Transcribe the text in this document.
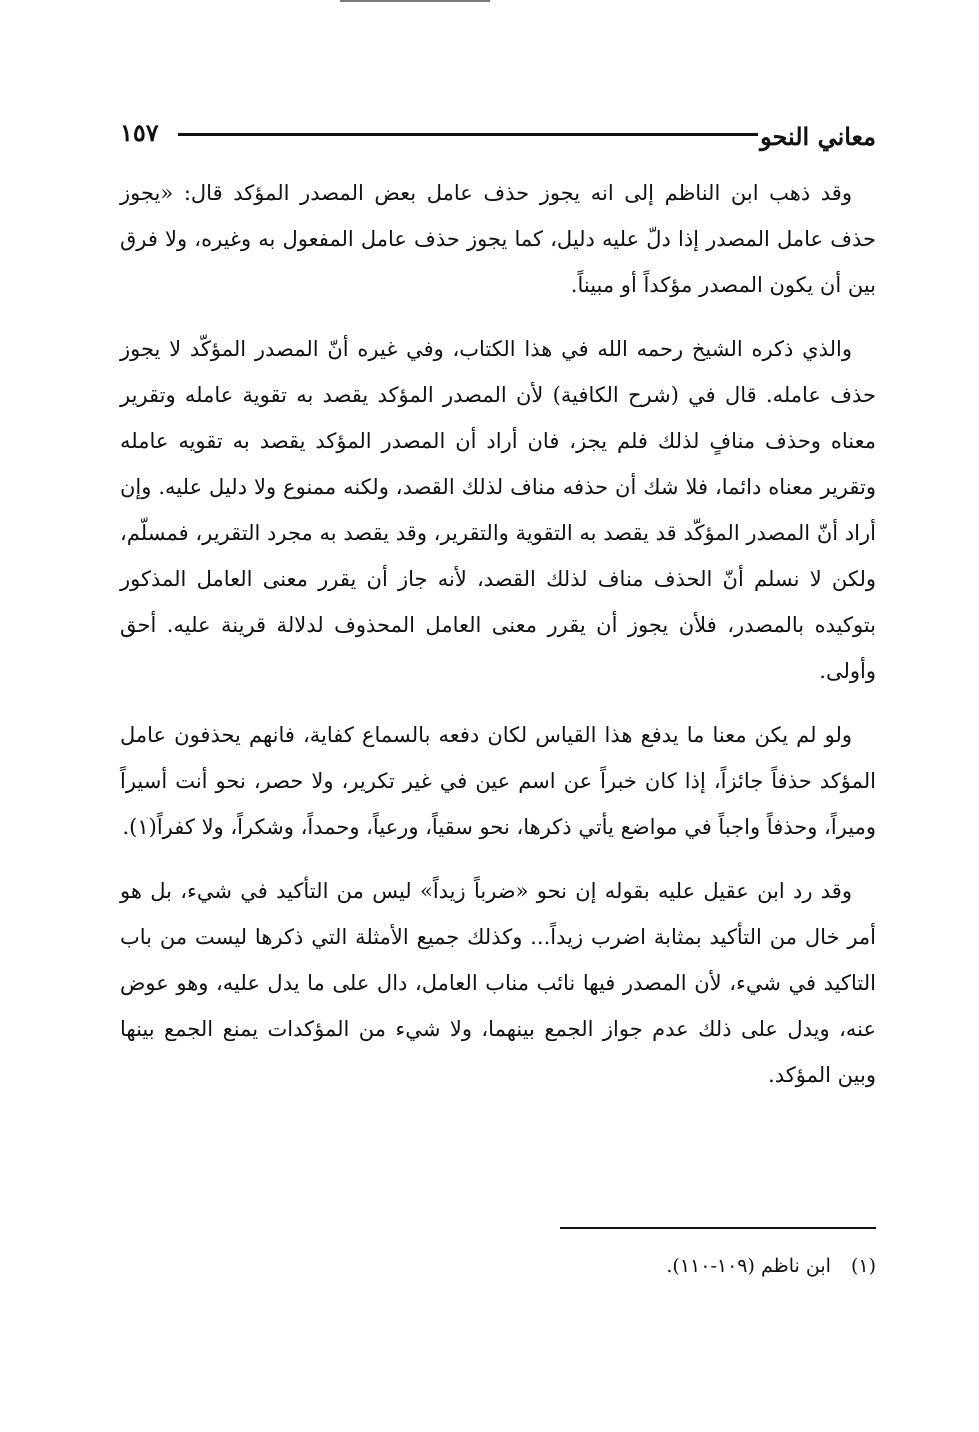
١٥٧	معاني النحو

وقد ذهب ابن الناظم إلى انه يجوز حذف عامل بعض المصدر المؤكد قال: «يجوز حذف عامل المصدر إذا دلّ عليه دليل، كما يجوز حذف عامل المفعول به وغيره، ولا فرق بين أن يكون المصدر مؤكداً أو مبيناً.

والذي ذكره الشيخ رحمه الله في هذا الكتاب، وفي غيره أنّ المصدر المؤكّد لا يجوز حذف عامله. قال في (شرح الكافية) لأن المصدر المؤكد يقصد به تقوية عامله وتقرير معناه وحذف منافٍ لذلك فلم يجز، فان أراد أن المصدر المؤكد يقصد به تقويه عامله وتقرير معناه دائما، فلا شك أن حذفه مناف لذلك القصد، ولكنه ممنوع ولا دليل عليه. وإن أراد أنّ المصدر المؤكّد قد يقصد به التقوية والتقرير، وقد يقصد به مجرد التقرير، فمسلّم، ولكن لا نسلم أنّ الحذف مناف لذلك القصد، لأنه جاز أن يقرر معنى العامل المذكور بتوكيده بالمصدر، فلأن يجوز أن يقرر معنى العامل المحذوف لدلالة قرينة عليه. أحق وأولى.

ولو لم يكن معنا ما يدفع هذا القياس لكان دفعه بالسماع كفاية، فانهم يحذفون عامل المؤكد حذفاً جائزاً، إذا كان خبراً عن اسم عين في غير تكرير، ولا حصر، نحو أنت أسيراً وميراً، وحذفاً واجباً في مواضع يأتي ذكرها، نحو سقياً، ورعياً، وحمداً، وشكراً، ولا كفراً(١).

وقد رد ابن عقيل عليه بقوله إن نحو «ضرباً زيداً» ليس من التأكيد في شيء، بل هو أمر خال من التأكيد بمثابة اضرب زيداً... وكذلك جميع الأمثلة التي ذكرها ليست من باب التاكيد في شيء، لأن المصدر فيها نائب مناب العامل، دال على ما يدل عليه، وهو عوض عنه، ويدل على ذلك عدم جواز الجمع بينهما، ولا شيء من المؤكدات يمنع الجمع بينها وبين المؤكد.

(١) ابن ناظم (١٠٩-١١٠).
